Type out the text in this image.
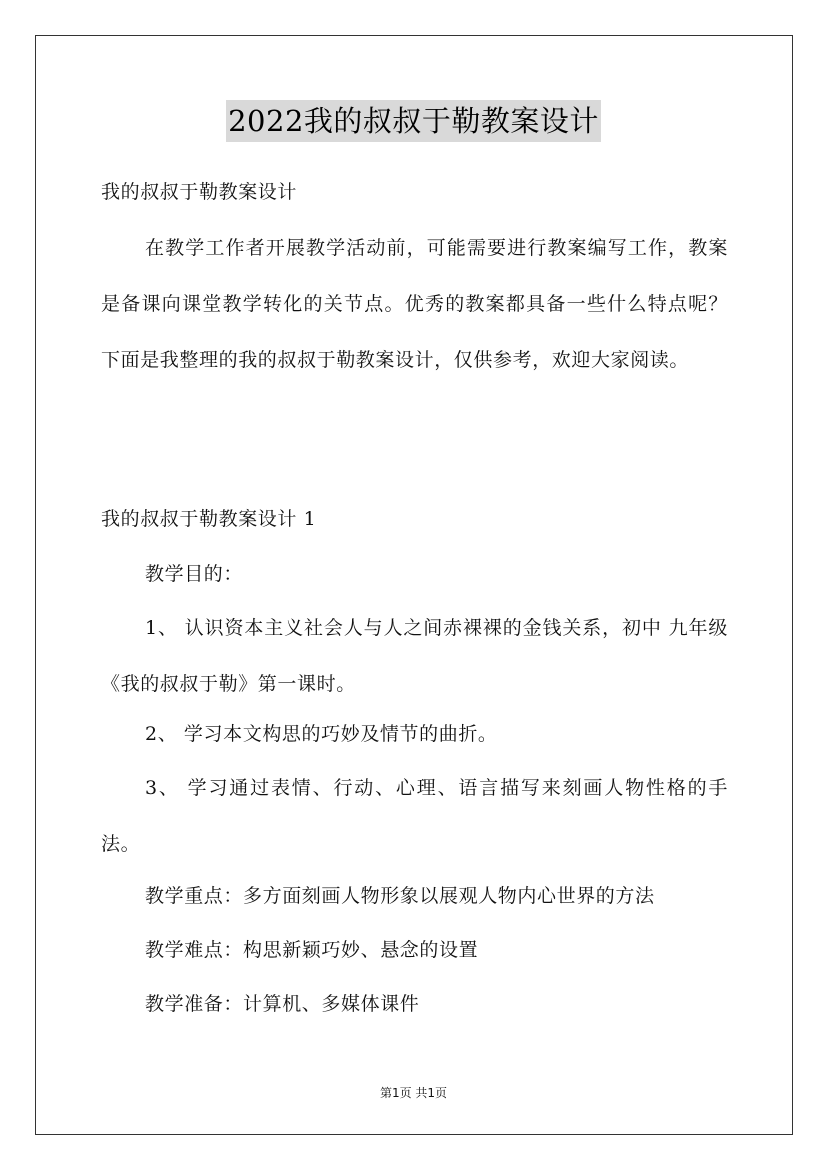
2022我的叔叔于勒教案设计
我的叔叔于勒教案设计
在教学工作者开展教学活动前，可能需要进行教案编写工作，教案是备课向课堂教学转化的关节点。优秀的教案都具备一些什么特点呢？下面是我整理的我的叔叔于勒教案设计，仅供参考，欢迎大家阅读。
我的叔叔于勒教案设计 1
教学目的：
1、 认识资本主义社会人与人之间赤裸裸的金钱关系，初中 九年级《我的叔叔于勒》第一课时。
2、 学习本文构思的巧妙及情节的曲折。
3、 学习通过表情、行动、心理、语言描写来刻画人物性格的手法。
教学重点：多方面刻画人物形象以展观人物内心世界的方法
教学难点：构思新颖巧妙、悬念的设置
教学准备：计算机、多媒体课件
第1页 共1页
